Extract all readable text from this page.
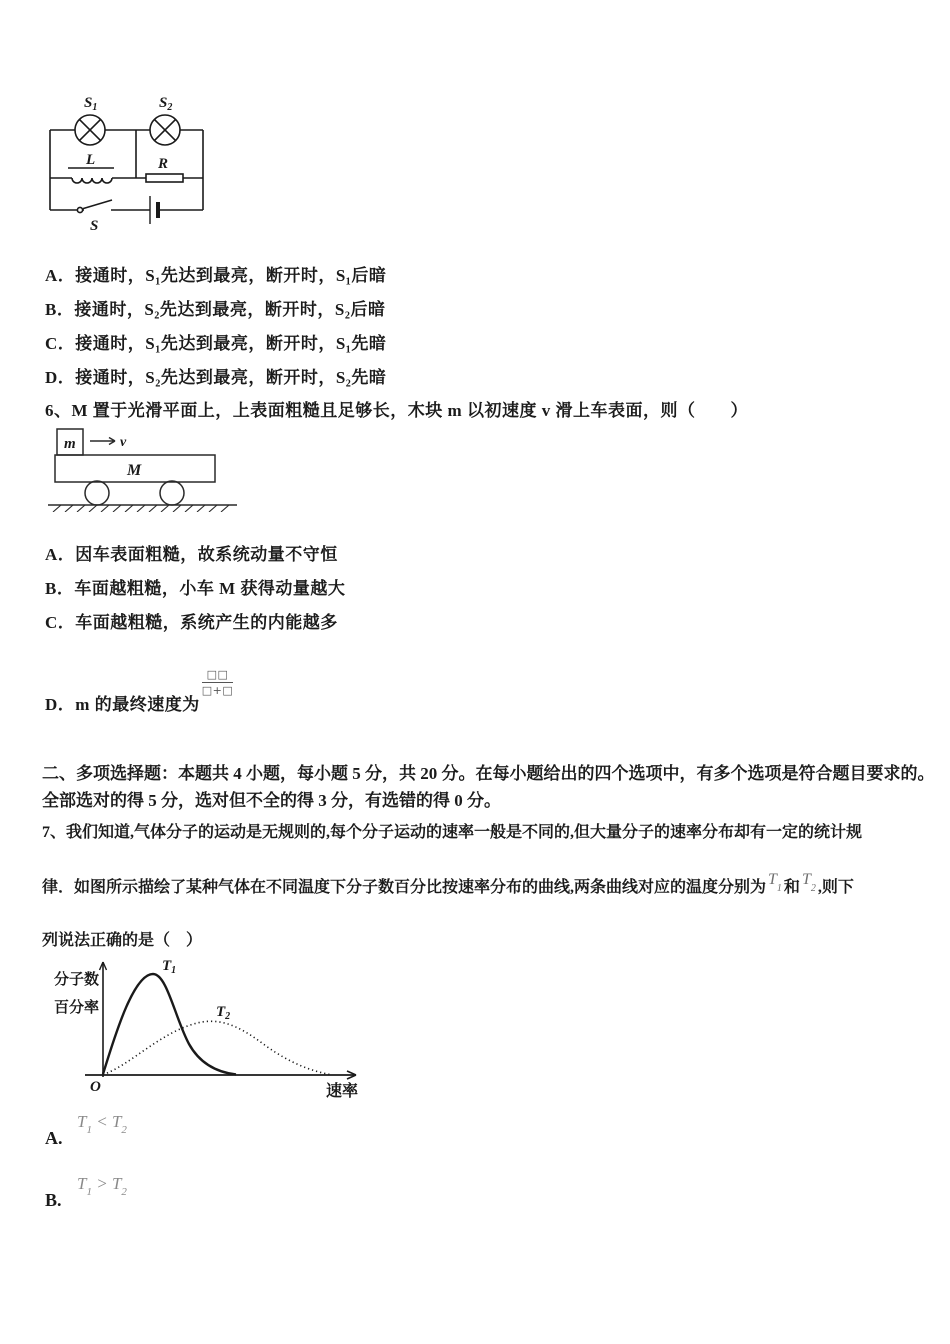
$S_1$	$S_2$
L	R
S
A．接通时，S₁先达到最亮，断开时，S₁后暗
B．接通时，S₂先达到最亮，断开时，S₂后暗
C．接通时，S₁先达到最亮，断开时，S₁先暗
D．接通时，S₂先达到最亮，断开时，S₂先暗
6、M 置于光滑平面上，上表面粗糙且足够长，木块 m 以初速度 v 滑上车表面，则（　　）
m	v
M
A．因车表面粗糙，故系统动量不守恒
B．车面越粗糙，小车 M 获得动量越大
C．车面越粗糙，系统产生的内能越多
D．m 的最终速度为
$\frac{□□}{□+□}$
二、多项选择题：本题共 4 小题，每小题 5 分，共 20 分。在每小题给出的四个选项中，有多个选项是符合题目要求的。
全部选对的得 5 分，选对但不全的得 3 分，有选错的得 0 分。
7、我们知道,气体分子的运动是无规则的,每个分子运动的速率一般是不同的,但大量分子的速率分布却有一定的统计规
律．如图所示描绘了某种气体在不同温度下分子数百分比按速率分布的曲线,两条曲线对应的温度分别为 $T_1$ 和 $T_2$ ,则下
列说法正确的是（　）
分子数
百分率
O	速率
$T_1$
$T_2$
A.
$T_1 < T_2$
B.
$T_1 > T_2$
